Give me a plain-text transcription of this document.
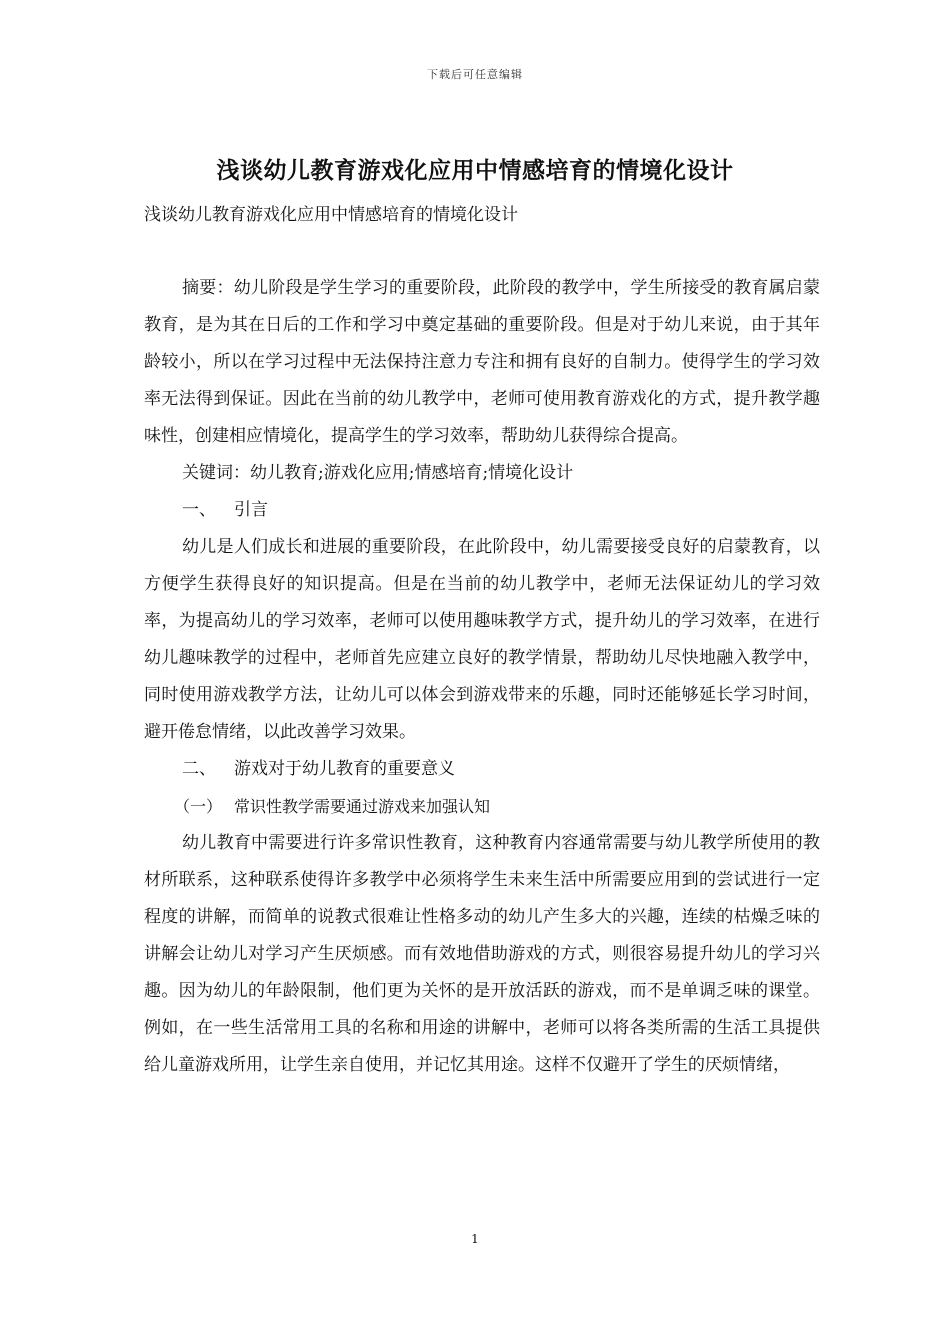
下载后可任意编辑
浅谈幼儿教育游戏化应用中情感培育的情境化设计
浅谈幼儿教育游戏化应用中情感培育的情境化设计

摘要：幼儿阶段是学生学习的重要阶段，此阶段的教学中，学生所接受的教育属启蒙教育，是为其在日后的工作和学习中奠定基础的重要阶段。但是对于幼儿来说，由于其年龄较小，所以在学习过程中无法保持注意力专注和拥有良好的自制力。使得学生的学习效率无法得到保证。因此在当前的幼儿教学中，老师可使用教育游戏化的方式，提升教学趣味性，创建相应情境化，提高学生的学习效率，帮助幼儿获得综合提高。

关键词：幼儿教育;游戏化应用;情感培育;情境化设计

一、 引言

幼儿是人们成长和进展的重要阶段，在此阶段中，幼儿需要接受良好的启蒙教育，以方便学生获得良好的知识提高。但是在当前的幼儿教学中，老师无法保证幼儿的学习效率，为提高幼儿的学习效率，老师可以使用趣味教学方式，提升幼儿的学习效率，在进行幼儿趣味教学的过程中，老师首先应建立良好的教学情景，帮助幼儿尽快地融入教学中，同时使用游戏教学方法，让幼儿可以体会到游戏带来的乐趣，同时还能够延长学习时间，避开倦怠情绪，以此改善学习效果。

二、 游戏对于幼儿教育的重要意义

（一） 常识性教学需要通过游戏来加强认知

幼儿教育中需要进行许多常识性教育，这种教育内容通常需要与幼儿教学所使用的教材所联系，这种联系使得许多教学中必须将学生未来生活中所需要应用到的尝试进行一定程度的讲解，而简单的说教式很难让性格多动的幼儿产生多大的兴趣，连续的枯燥乏味的讲解会让幼儿对学习产生厌烦感。而有效地借助游戏的方式，则很容易提升幼儿的学习兴趣。因为幼儿的年龄限制，他们更为关怀的是开放活跃的游戏，而不是单调乏味的课堂。例如，在一些生活常用工具的名称和用途的讲解中，老师可以将各类所需的生活工具提供给儿童游戏所用，让学生亲自使用，并记忆其用途。这样不仅避开了学生的厌烦情绪，

1
